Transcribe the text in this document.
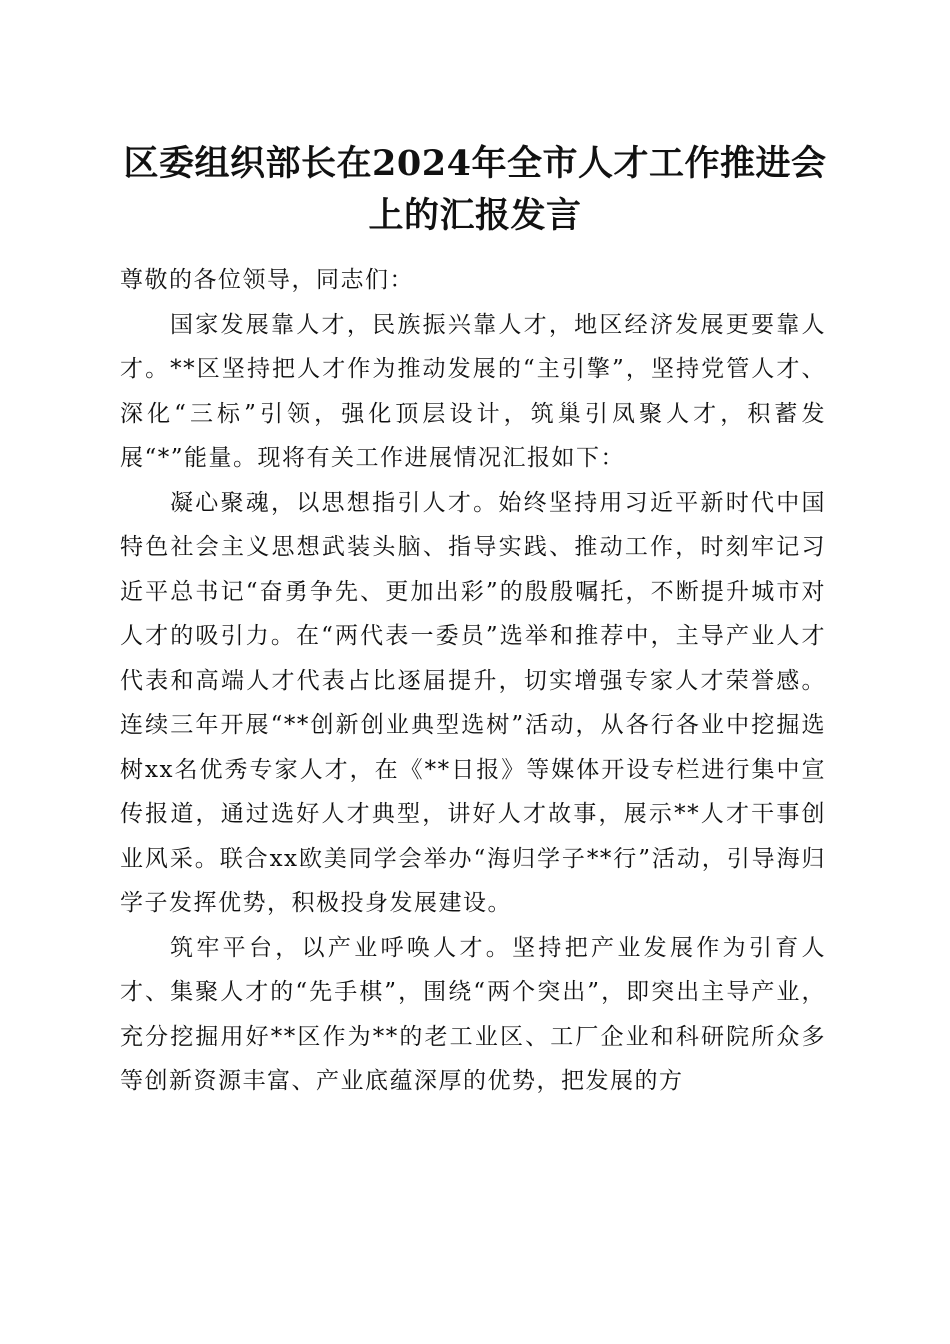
区委组织部长在2024年全市人才工作推进会
上的汇报发言

尊敬的各位领导，同志们：

国家发展靠人才，民族振兴靠人才，地区经济发展更要靠人才。**区坚持把人才作为推动发展的“主引擎”，坚持党管人才、深化“三标”引领，强化顶层设计，筑巢引凤聚人才，积蓄发展“*”能量。现将有关工作进展情况汇报如下：

凝心聚魂，以思想指引人才。始终坚持用习近平新时代中国特色社会主义思想武装头脑、指导实践、推动工作，时刻牢记习近平总书记“奋勇争先、更加出彩”的殷殷嘱托，不断提升城市对人才的吸引力。在“两代表一委员”选举和推荐中，主导产业人才代表和高端人才代表占比逐届提升，切实增强专家人才荣誉感。连续三年开展“**创新创业典型选树”活动，从各行各业中挖掘选树xx名优秀专家人才，在《**日报》等媒体开设专栏进行集中宣传报道，通过选好人才典型，讲好人才故事，展示**人才干事创业风采。联合xx欧美同学会举办“海归学子**行”活动，引导海归学子发挥优势，积极投身发展建设。

筑牢平台，以产业呼唤人才。坚持把产业发展作为引育人才、集聚人才的“先手棋”，围绕“两个突出”，即突出主导产业，充分挖掘用好**区作为**的老工业区、工厂企业和科研院所众多等创新资源丰富、产业底蕴深厚的优势，把发展的方
